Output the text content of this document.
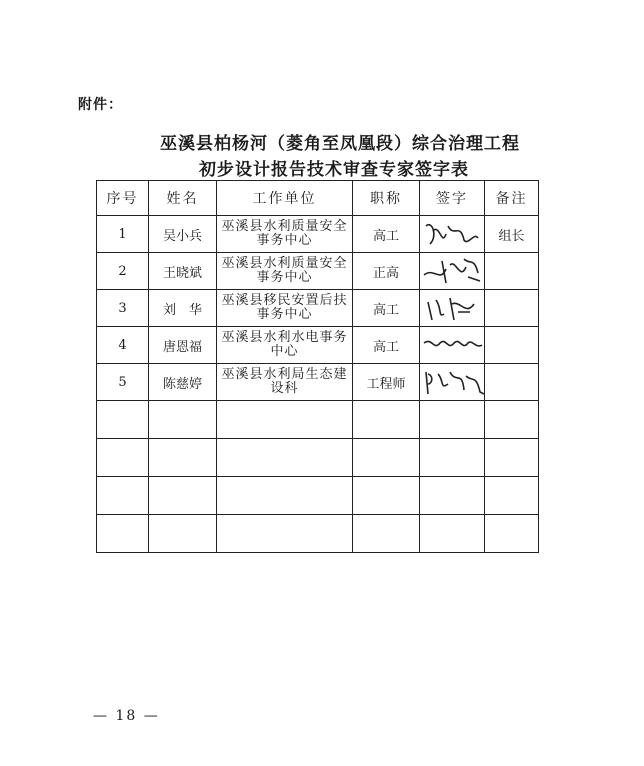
附件：
巫溪县柏杨河（菱角至凤凰段）综合治理工程
初步设计报告技术审查专家签字表
序号	姓名	工作单位	职称	签字	备注
1	吴小兵	巫溪县水利质量安全事务中心	高工		组长
2	王晓斌	巫溪县水利质量安全事务中心	正高	

3	刘　华	巫溪县移民安置后扶事务中心	高工	

4	唐恩福	巫溪县水利水电事务中心	高工	

5	陈慈婷	巫溪县水利局生态建设科	工程师	

— 18 —
